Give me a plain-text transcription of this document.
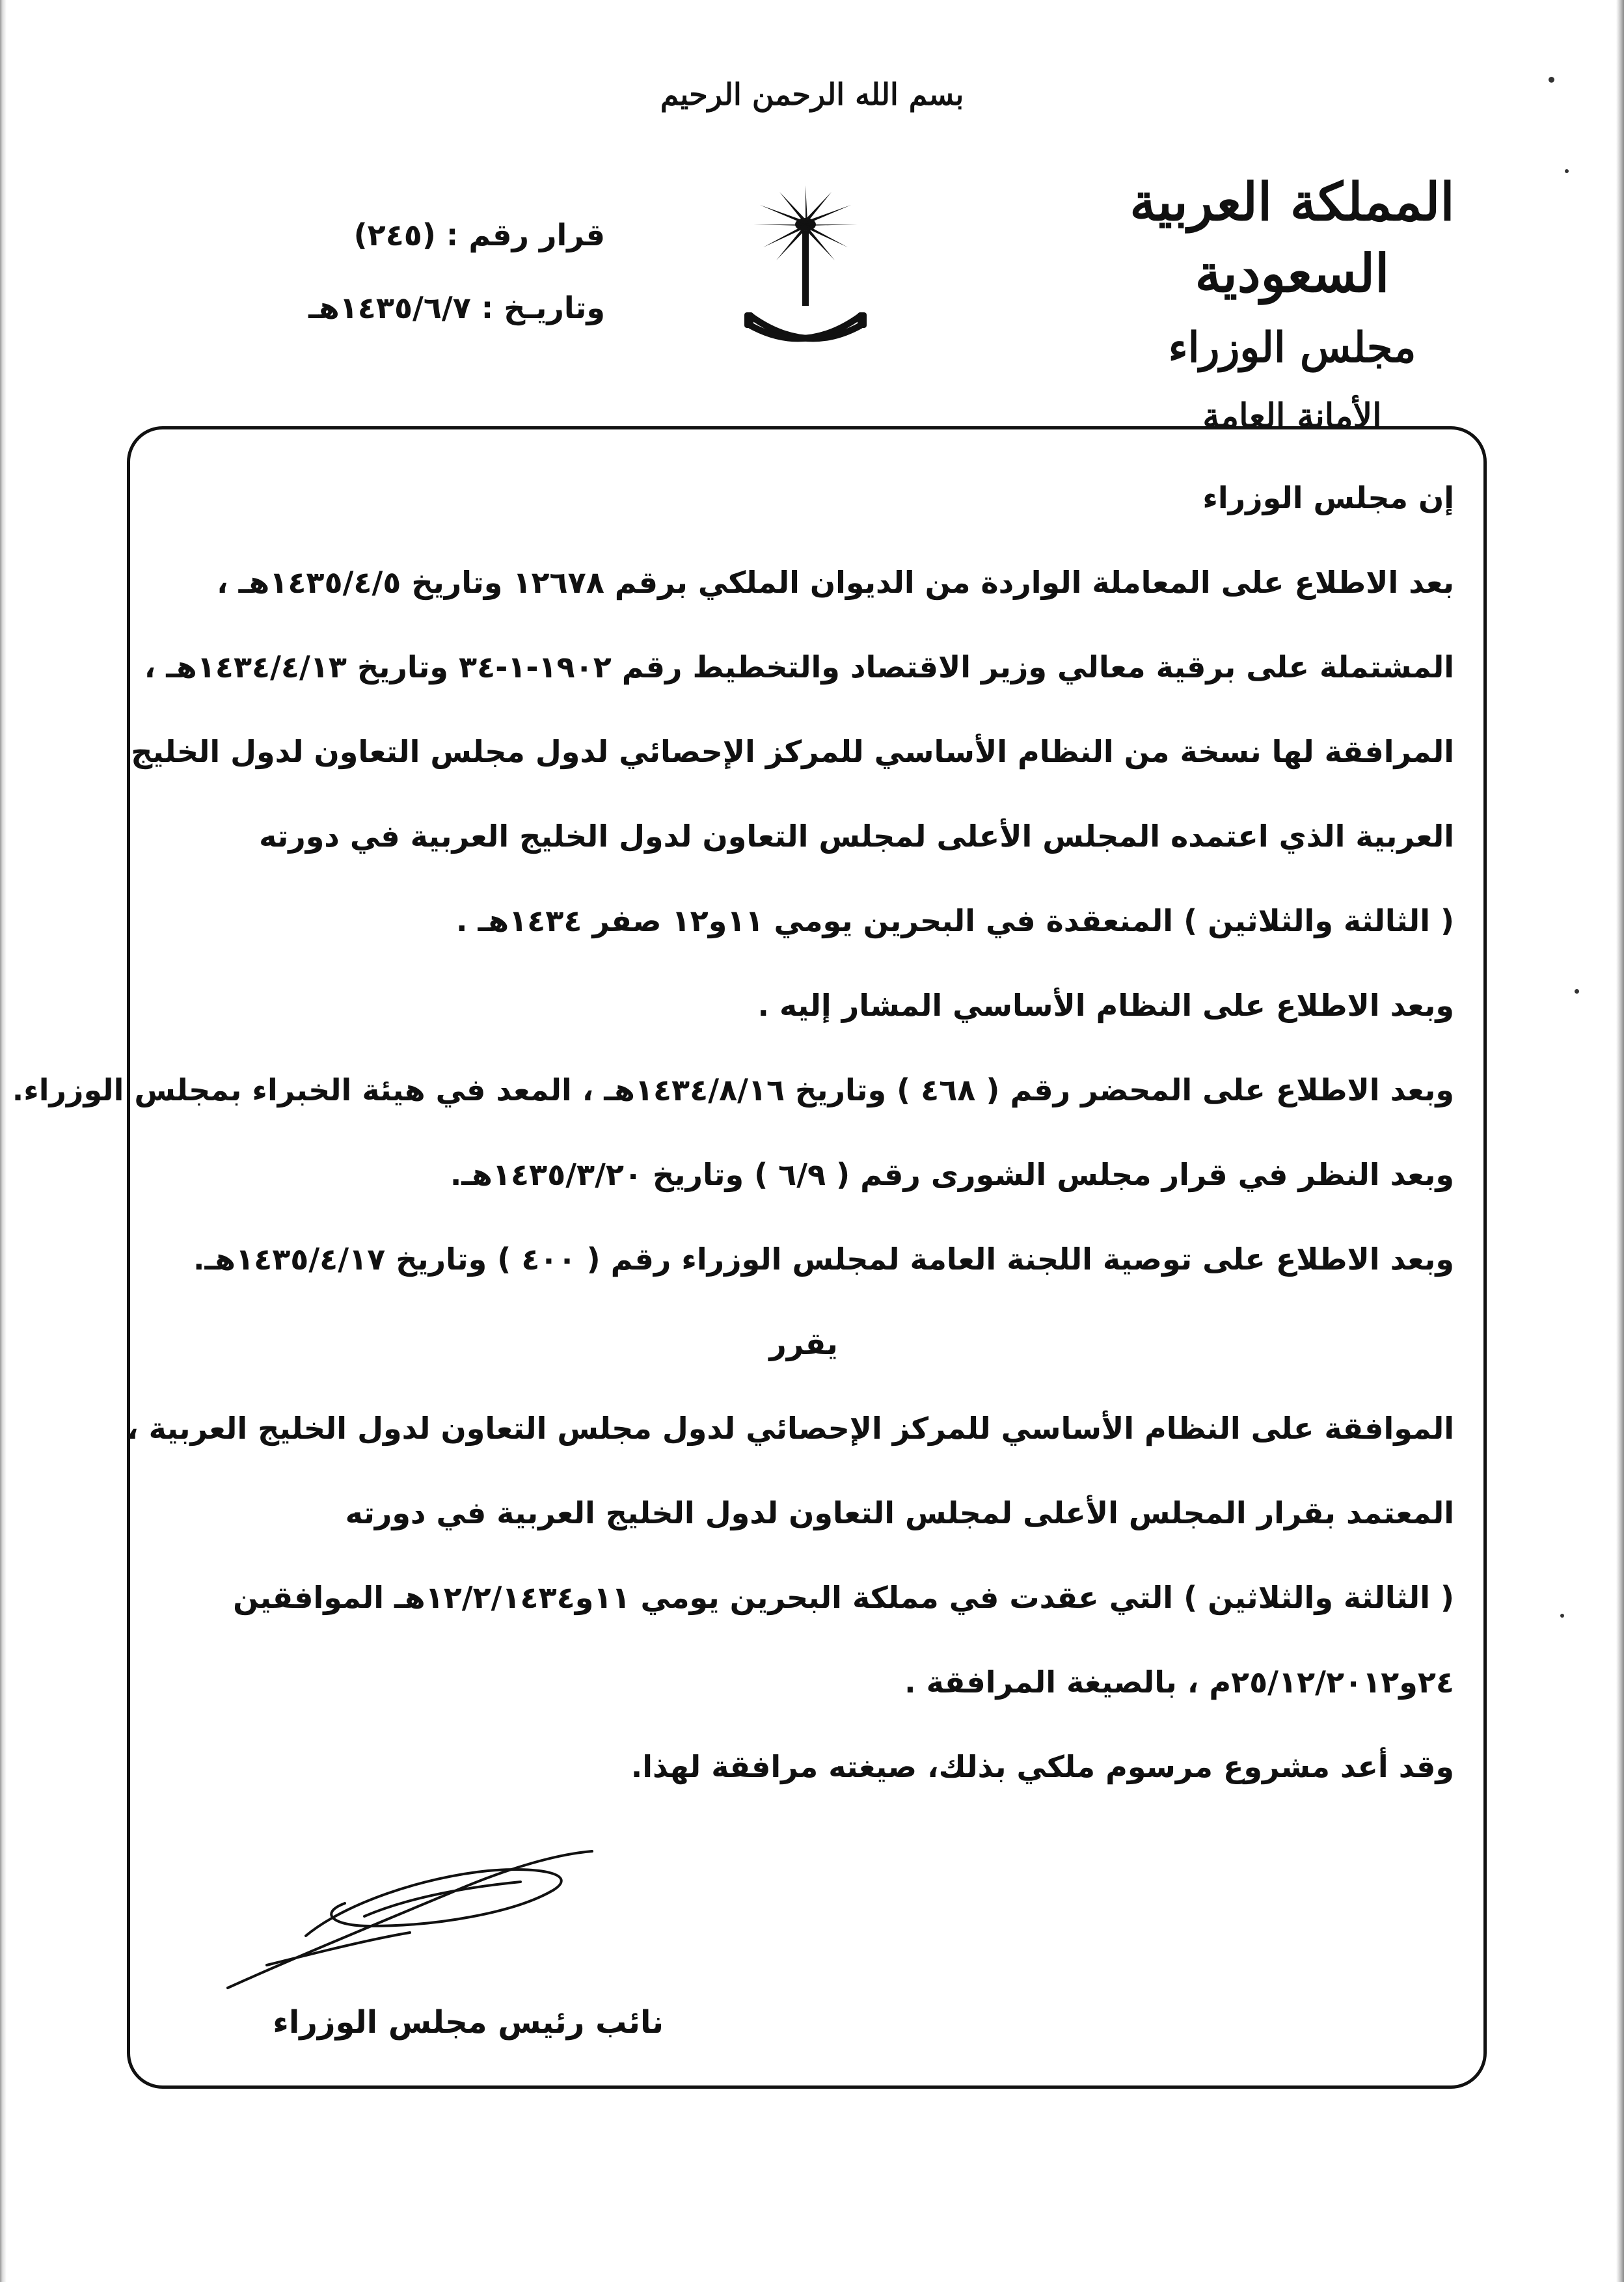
بسم الله الرحمن الرحيم
المملكة العربية السعودية
مجلس الوزراء
الأمانة العامة
قرار رقم : (٢٤٥)
وتاريـخ : ١٤٣٥/٦/٧هـ
إن مجلس الوزراء
بعد الاطلاع على المعاملة الواردة من الديوان الملكي برقم ١٢٦٧٨ وتاريخ ١٤٣٥/٤/٥هـ ،
المشتملة على برقية معالي وزير الاقتصاد والتخطيط رقم ١٩٠٢-١-٣٤ وتاريخ ١٤٣٤/٤/١٣هـ ،
المرافقة لها نسخة من النظام الأساسي للمركز الإحصائي لدول مجلس التعاون لدول الخليج
العربية الذي اعتمده المجلس الأعلى لمجلس التعاون لدول الخليج العربية في دورته
( الثالثة والثلاثين ) المنعقدة في البحرين يومي ١١و١٢ صفر ١٤٣٤هـ .
وبعد الاطلاع على النظام الأساسي المشار إليه .
وبعد الاطلاع على المحضر رقم ( ٤٦٨ ) وتاريخ ١٤٣٤/٨/١٦هـ ، المعد في هيئة الخبراء بمجلس الوزراء.
وبعد النظر في قرار مجلس الشورى رقم ( ٦/٩ ) وتاريخ ١٤٣٥/٣/٢٠هـ.
وبعد الاطلاع على توصية اللجنة العامة لمجلس الوزراء رقم ( ٤٠٠ ) وتاريخ ١٤٣٥/٤/١٧هـ.
يقرر
الموافقة على النظام الأساسي للمركز الإحصائي لدول مجلس التعاون لدول الخليج العربية ،
المعتمد بقرار المجلس الأعلى لمجلس التعاون لدول الخليج العربية في دورته
( الثالثة والثلاثين ) التي عقدت في مملكة البحرين يومي ١١و١٢/٢/١٤٣٤هـ الموافقين
٢٤و٢٥/١٢/٢٠١٢م ، بالصيغة المرافقة .
وقد أعد مشروع مرسوم ملكي بذلك، صيغته مرافقة لهذا.
نائب رئيس مجلس الوزراء
